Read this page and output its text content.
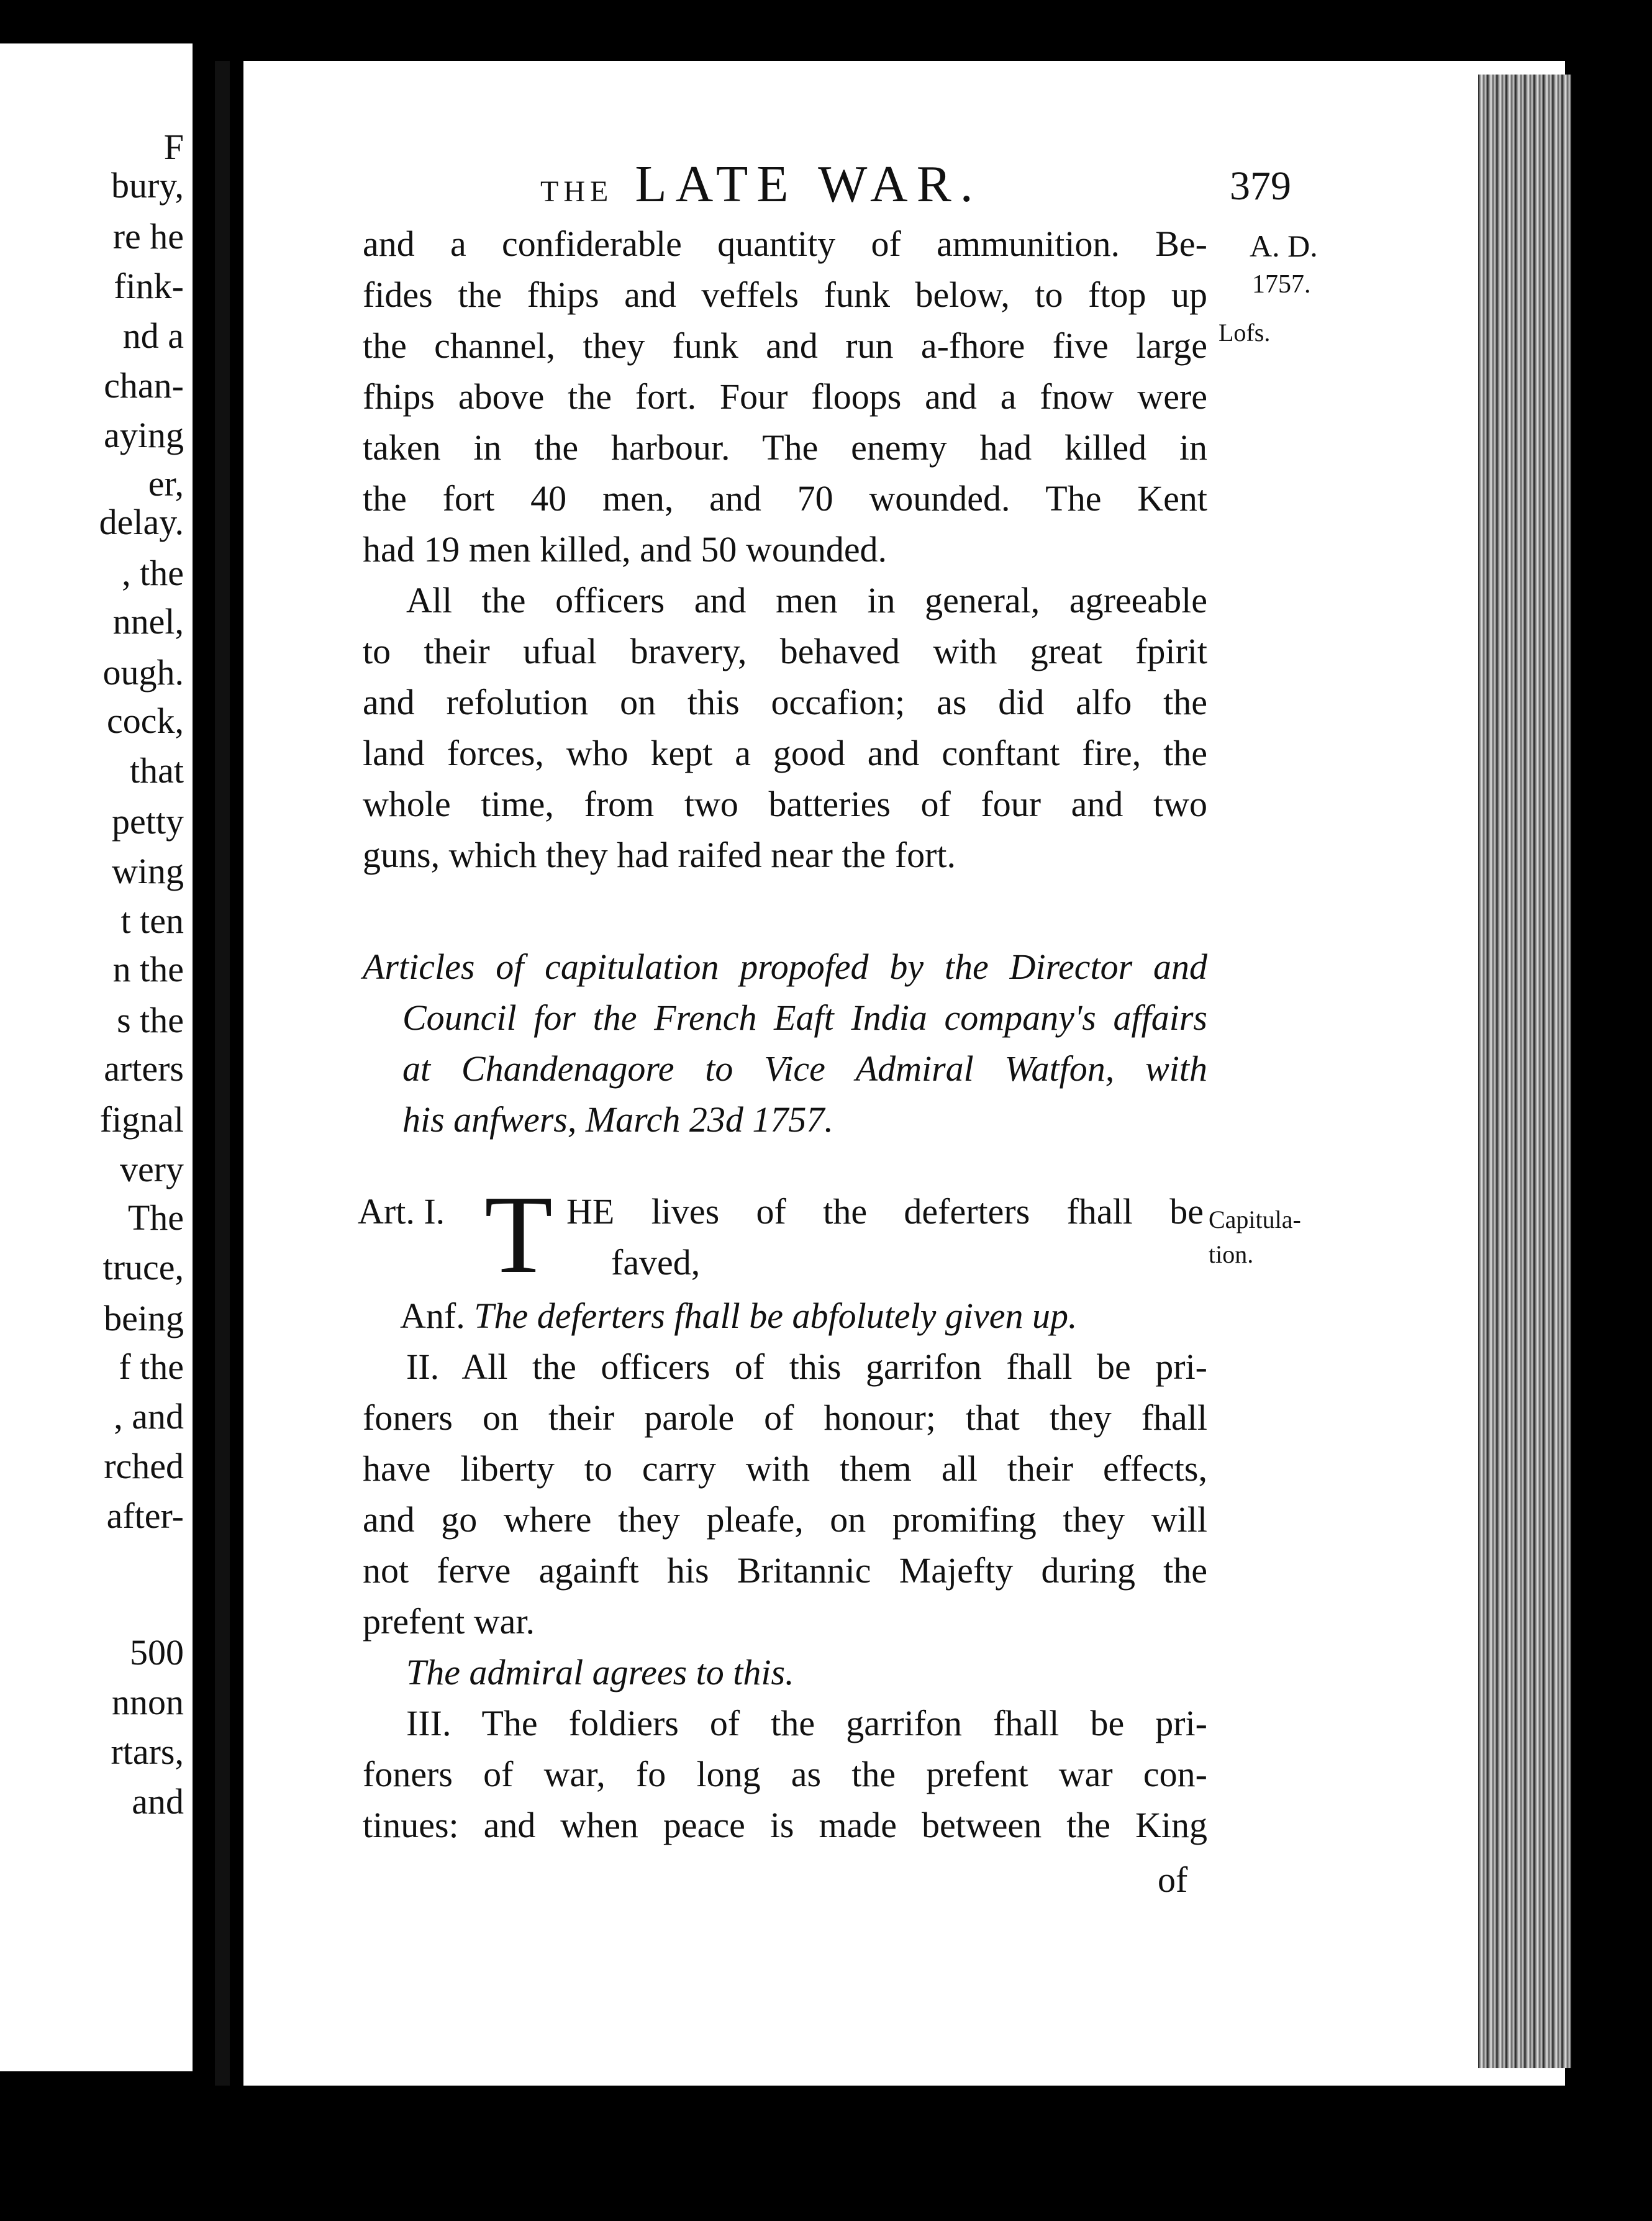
F
bury,
re he
fink-
nd a
chan-
aying
er,
delay.
, the
nnel,
ough.
cock,
that
petty
wing
t ten
n the
s the
arters
fignal
very
The
truce,
being
f the
, and
rched
after-
500
nnon
rtars,
and
THE LATE WAR.	379
A. D.
1757.
Lofs.
Capitula-
tion.
and a confiderable quantity of ammunition. Be-
fides the fhips and veffels funk below, to ftop up
the channel, they funk and run a-fhore five large
fhips above the fort. Four floops and a fnow were
taken in the harbour. The enemy had killed in
the fort 40 men, and 70 wounded. The Kent
had 19 men killed, and 50 wounded.
All the officers and men in general, agreeable
to their ufual bravery, behaved with great fpirit
and refolution on this occafion; as did alfo the
land forces, who kept a good and conftant fire, the
whole time, from two batteries of four and two
guns, which they had raifed near the fort.
Articles of capitulation propofed by the Director and
Council for the French Eaft India company's affairs
at Chandenagore to Vice Admiral Watfon, with
his anfwers, March 23d 1757.
Art. I. T HE lives of the deferters fhall be
faved,
Anf. The deferters fhall be abfolutely given up.
II. All the officers of this garrifon fhall be pri-
foners on their parole of honour; that they fhall
have liberty to carry with them all their effects,
and go where they pleafe, on promifing they will
not ferve againft his Britannic Majefty during the
prefent war.
The admiral agrees to this.
III. The foldiers of the garrifon fhall be pri-
foners of war, fo long as the prefent war con-
tinues: and when peace is made between the King
of
